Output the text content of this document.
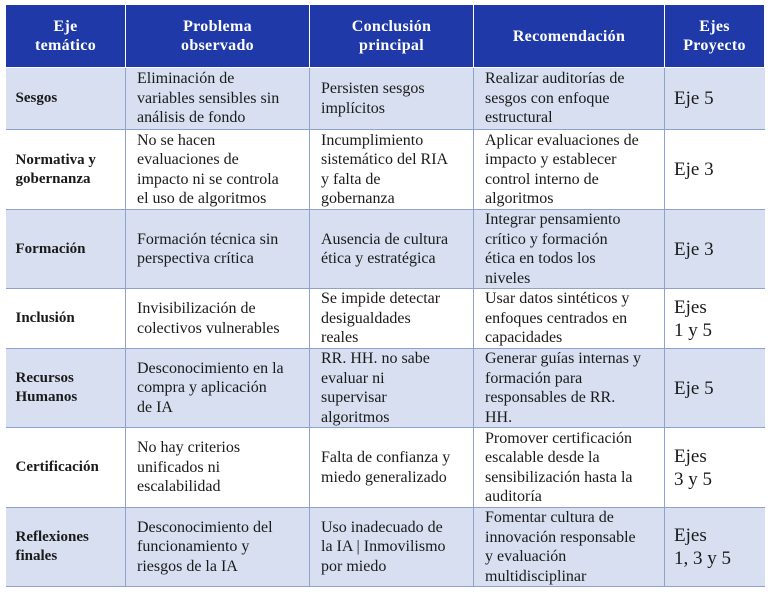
Eje
temático	Problema
observado	Conclusión
principal	Recomendación	Ejes
Proyecto
Sesgos	Eliminación de
variables sensibles sin
análisis de fondo	Persisten sesgos
implícitos	Realizar auditorías de
sesgos con enfoque
estructural	Eje 5
Normativa y
gobernanza	No se hacen
evaluaciones de
impacto ni se controla
el uso de algoritmos	Incumplimiento
sistemático del RIA
y falta de
gobernanza	Aplicar evaluaciones de
impacto y establecer
control interno de
algoritmos	Eje 3
Formación	Formación técnica sin
perspectiva crítica	Ausencia de cultura
ética y estratégica	Integrar pensamiento
crítico y formación
ética en todos los
niveles	Eje 3
Inclusión	Invisibilización de
colectivos vulnerables	Se impide detectar
desigualdades
reales	Usar datos sintéticos y
enfoques centrados en
capacidades	Ejes
1 y 5
Recursos
Humanos	Desconocimiento en la
compra y aplicación
de IA	RR. HH. no sabe
evaluar ni
supervisar
algoritmos	Generar guías internas y
formación para
responsables de RR.
HH.	Eje 5
Certificación	No hay criterios
unificados ni
escalabilidad	Falta de confianza y
miedo generalizado	Promover certificación
escalable desde la
sensibilización hasta la
auditoría	Ejes
3 y 5
Reflexiones
finales	Desconocimiento del
funcionamiento y
riesgos de la IA	Uso inadecuado de
la IA | Inmovilismo
por miedo	Fomentar cultura de
innovación responsable
y evaluación
multidisciplinar	Ejes
1, 3 y 5
